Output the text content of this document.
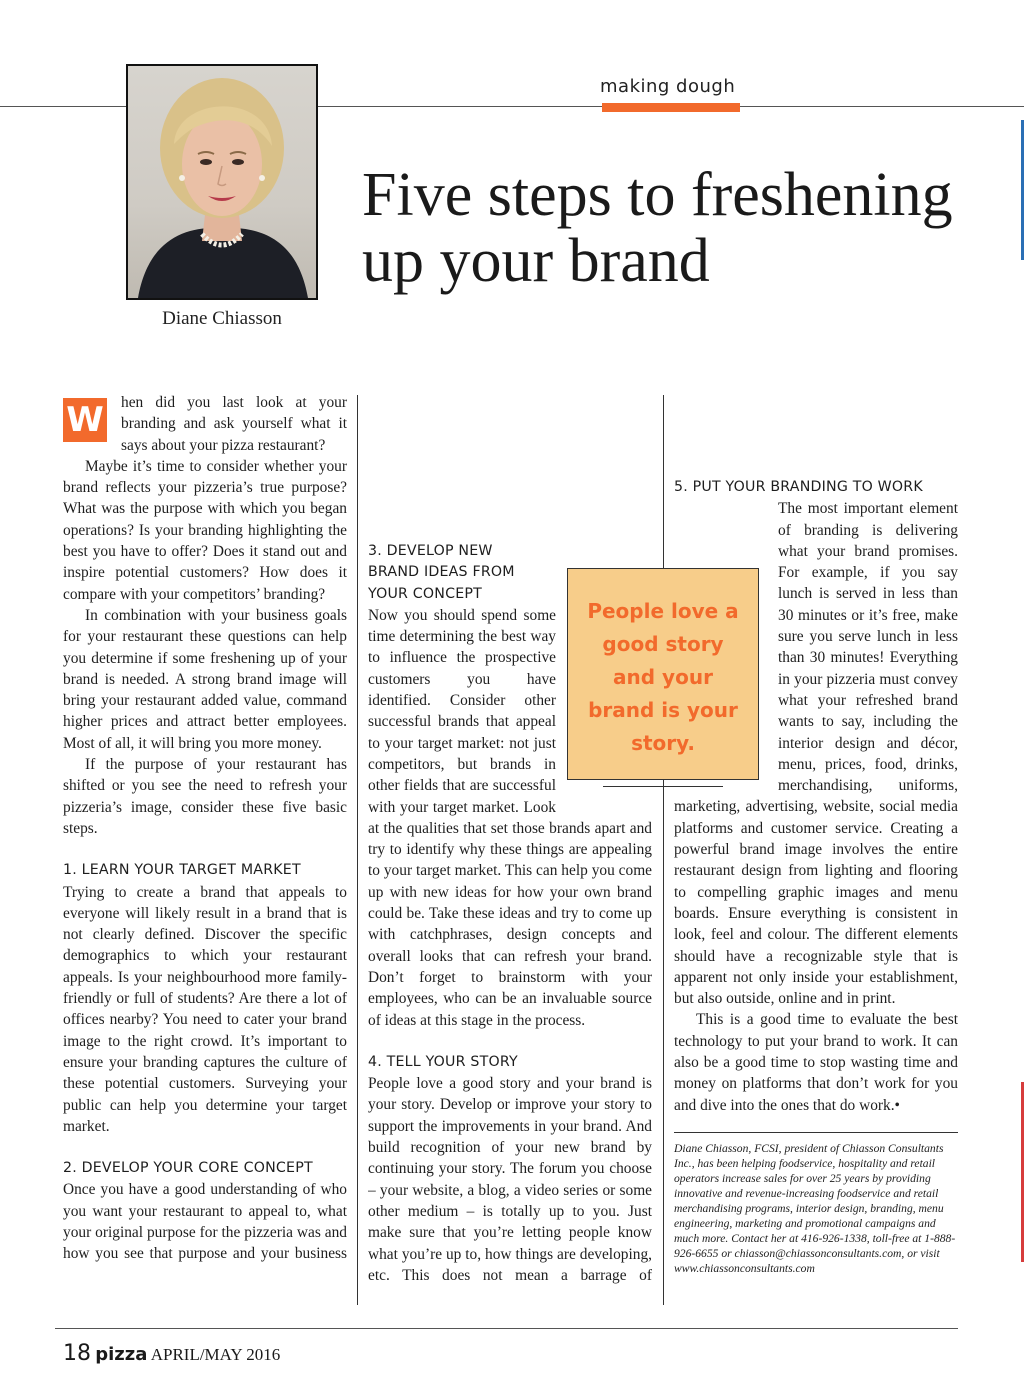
making dough
Diane Chiasson
Five steps to freshening
up your brand

W hen did you last look at your branding and ask yourself what it says about your pizza restaurant?

Maybe it’s time to consider whether your brand reflects your pizzeria’s true purpose? What was the purpose with which you began operations? Is your branding highlighting the best you have to offer? Does it stand out and inspire potential customers? How does it compare with your competitors’ branding?

In combination with your business goals for your restaurant these questions can help you determine if some freshening up of your brand is needed. A strong brand image will bring your restaurant added value, command higher prices and attract better employees. Most of all, it will bring you more money.

If the purpose of your restaurant has shifted or you see the need to refresh your pizzeria’s image, consider these five basic steps.

1. LEARN YOUR TARGET MARKET

Trying to create a brand that appeals to everyone will likely result in a brand that is not clearly defined. Discover the specific demographics to which your restaurant appeals. Is your neighbourhood more family-friendly or full of students? Are there a lot of offices nearby? You need to cater your brand image to the right crowd. It’s important to ensure your branding captures the culture of these potential customers. Surveying your public can help you determine your target market.

2. DEVELOP YOUR CORE CONCEPT

Once you have a good understanding of who you want your restaurant to appeal to, what your original purpose for the pizzeria was and how you see that purpose and your business

3. DEVELOP NEW BRAND IDEAS FROM YOUR CONCEPT

Now you should spend some time determining the best way to influence the prospective customers you have identified. Consider other successful brands that appeal to your target market: not just competitors, but brands in other fields that are successful with your target market. Look at the qualities that set those brands apart and try to identify why these things are appealing to your target market. This can help you come up with new ideas for how your own brand could be. Take these ideas and try to come up with catchphrases, design concepts and overall looks that can refresh your brand. Don’t forget to brainstorm with your employees, who can be an invaluable source of ideas at this stage in the process.

4. TELL YOUR STORY

People love a good story and your brand is your story. Develop or improve your story to support the improvements in your brand. And build recognition of your new brand by continuing your story. The forum you choose – your website, a blog, a video series or some other medium – is totally up to you. Just make sure that you’re letting people know what you’re up to, how things are developing, etc. This does not mean a barrage of

5. PUT YOUR BRANDING TO WORK

The most important element of branding is delivering what your brand promises. For example, if you say lunch is served in less than 30 minutes or it’s free, make sure you serve lunch in less than 30 minutes! Everything in your pizzeria must convey what your refreshed brand wants to say, including the interior design and décor, menu, prices, food, drinks, merchandising, uniforms, marketing, advertising, website, social media platforms and customer service. Creating a powerful brand image involves the entire restaurant design from lighting and flooring to compelling graphic images and menu boards. Ensure everything is consistent in look, feel and colour. The different elements should have a recognizable style that is apparent not only inside your establishment, but also outside, online and in print.

This is a good time to evaluate the best technology to put your brand to work. It can also be a good time to stop wasting time and money on platforms that don’t work for you and dive into the ones that do work.•

Diane Chiasson, FCSI, president of Chiasson Consultants Inc., has been helping foodservice, hospitality and retail operators increase sales for over 25 years by providing innovative and revenue-increasing foodservice and retail merchandising programs, interior design, branding, menu engineering, marketing and promotional campaigns and much more. Contact her at 416-926-1338, toll-free at 1-888-926-6655 or chiasson@chiassonconsultants.com, or visit www.chiassonconsultants.com
People love a good story and your brand is your story.
18 pizza APRIL/MAY 2016
